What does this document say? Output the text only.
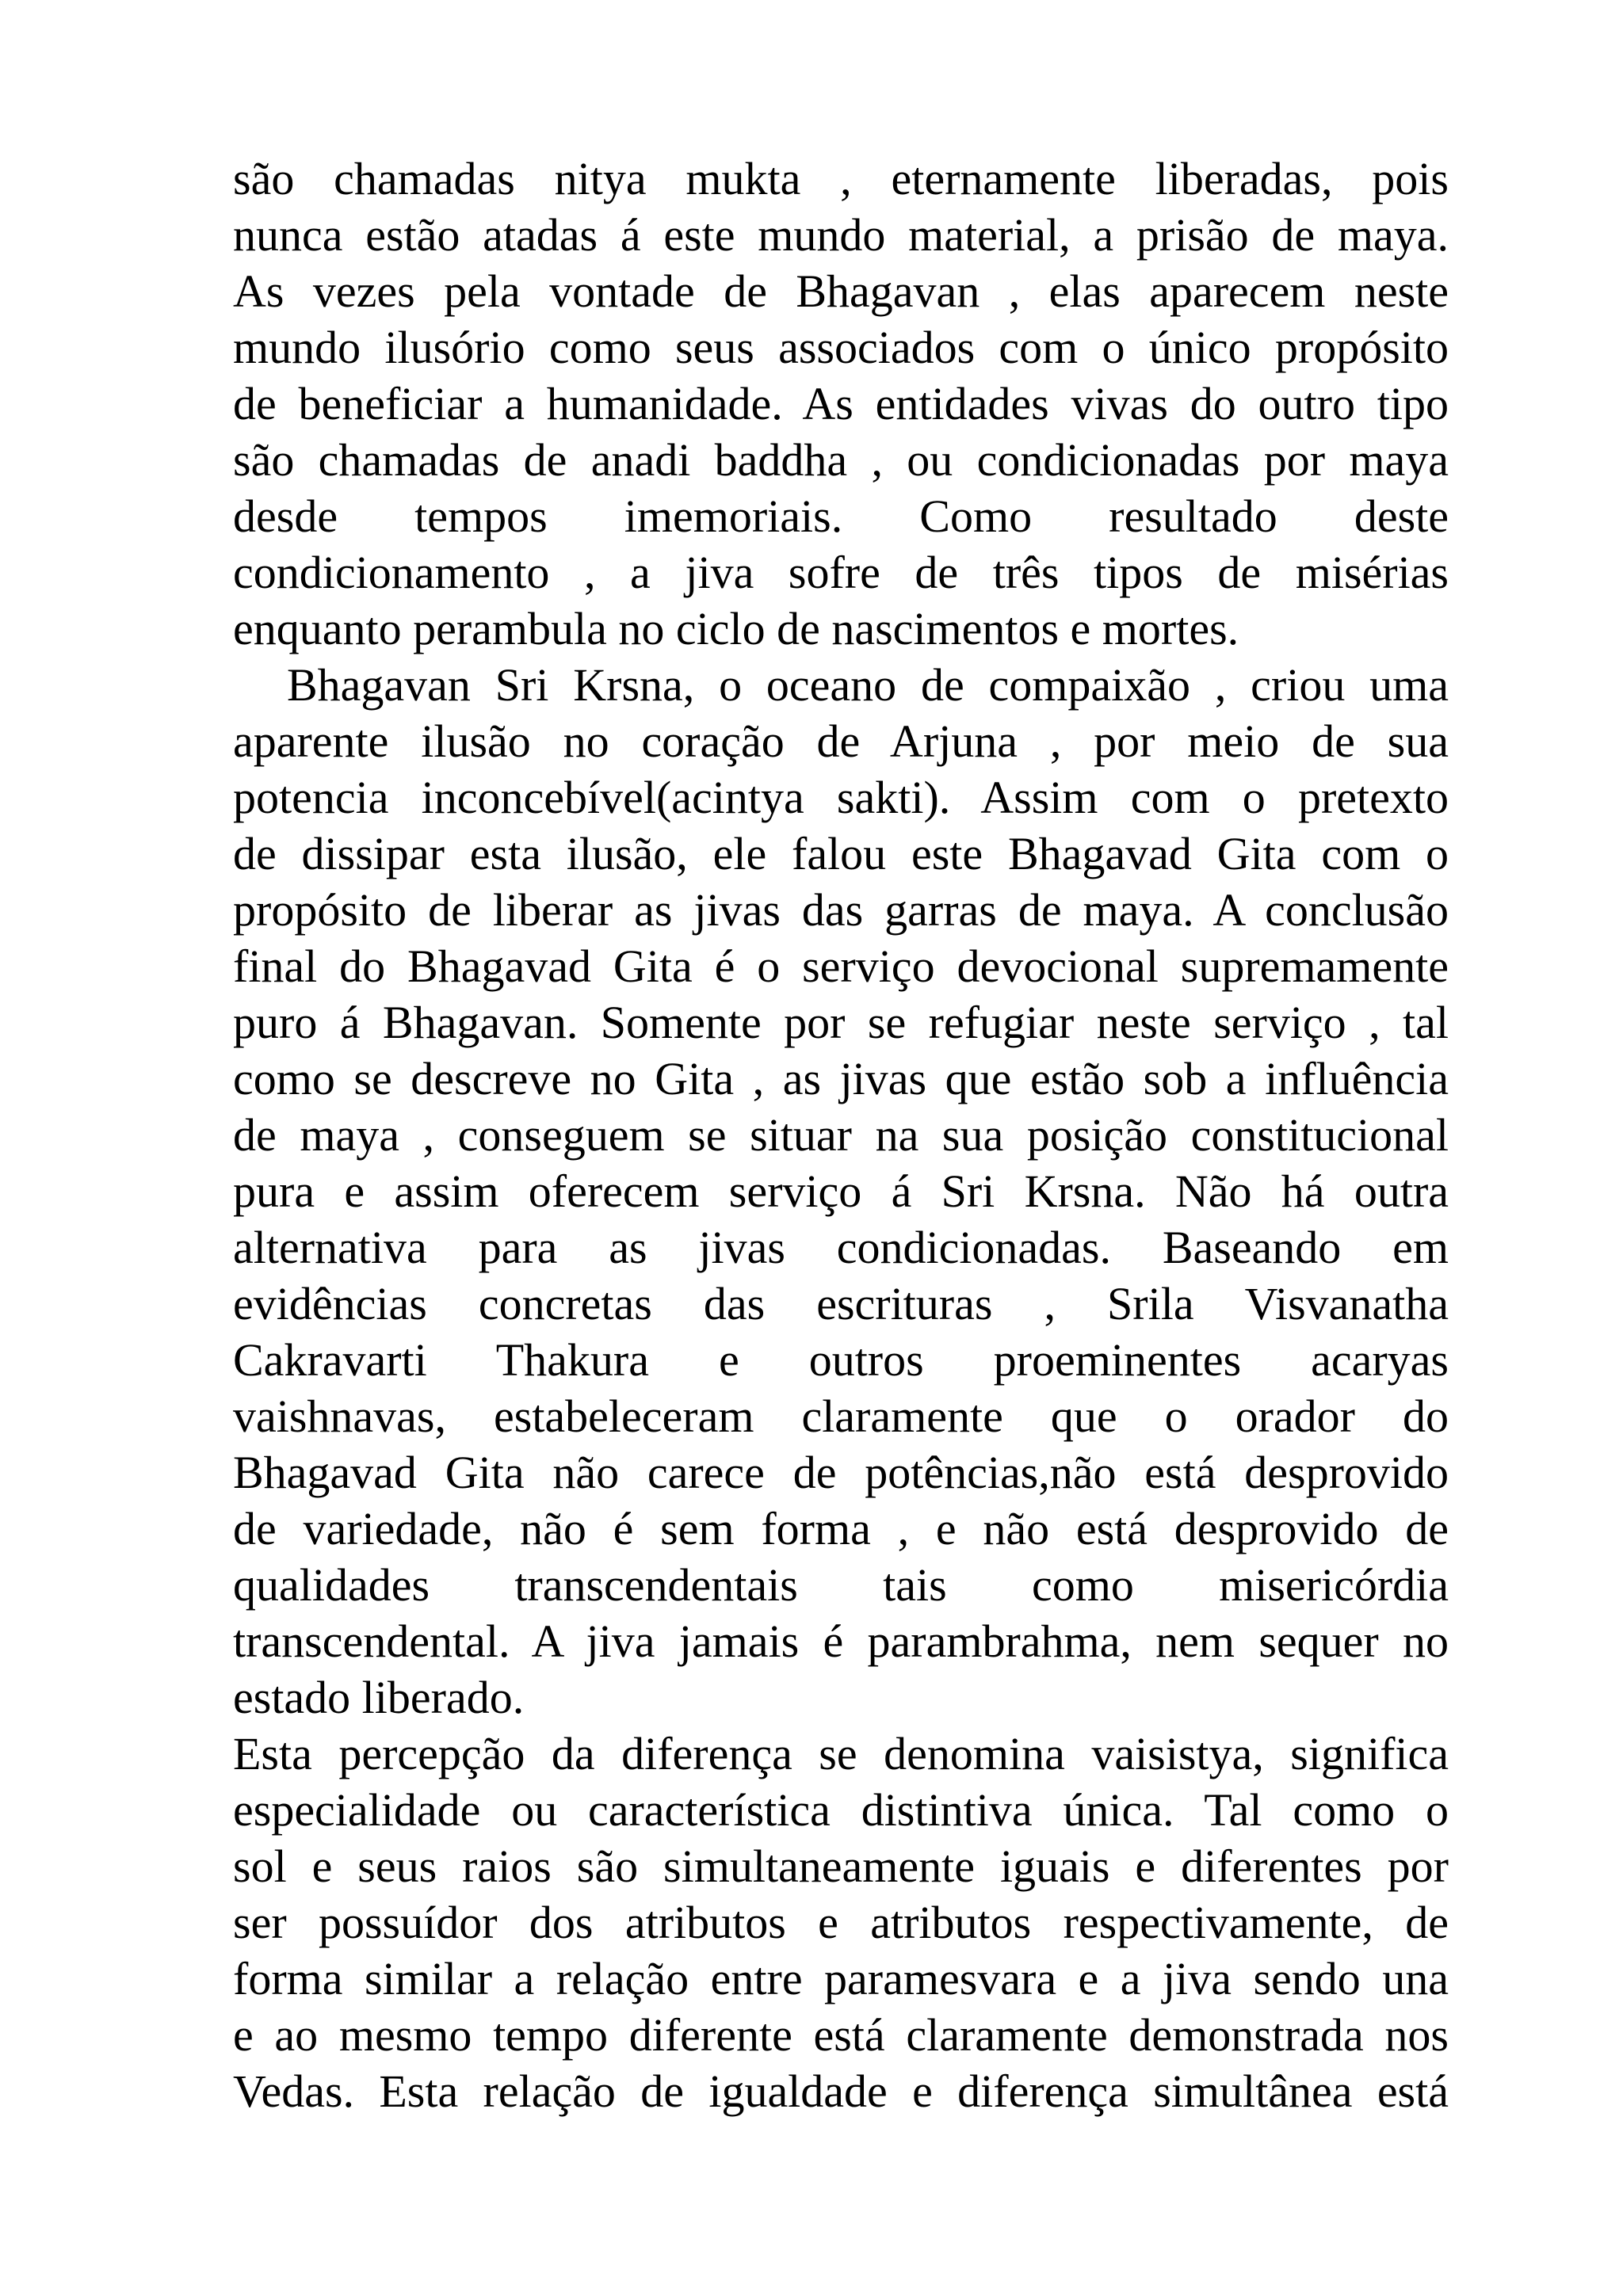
são chamadas nitya mukta , eternamente liberadas, pois
nunca estão atadas á este mundo material, a prisão de maya.
As vezes pela vontade de Bhagavan , elas aparecem neste
mundo ilusório como seus associados com o único propósito
de beneficiar a humanidade. As entidades vivas do outro tipo
são chamadas de anadi baddha , ou condicionadas por maya
desde tempos imemoriais. Como resultado deste
condicionamento , a jiva sofre de três tipos de misérias
enquanto perambula no ciclo de nascimentos e mortes.
Bhagavan Sri Krsna, o oceano de compaixão , criou uma
aparente ilusão no coração de Arjuna , por meio de sua
potencia inconcebível(acintya sakti). Assim com o pretexto
de dissipar esta ilusão, ele falou este Bhagavad Gita com o
propósito de liberar as jivas das garras de maya. A conclusão
final do Bhagavad Gita é o serviço devocional supremamente
puro á Bhagavan. Somente por se refugiar neste serviço , tal
como se descreve no Gita , as jivas que estão sob a influência
de maya , conseguem se situar na sua posição constitucional
pura e assim oferecem serviço á Sri Krsna. Não há outra
alternativa para as jivas condicionadas. Baseando em
evidências concretas das escrituras , Srila Visvanatha
Cakravarti Thakura e outros proeminentes acaryas
vaishnavas, estabeleceram claramente que o orador do
Bhagavad Gita não carece de potências,não está desprovido
de variedade, não é sem forma , e não está desprovido de
qualidades transcendentais tais como misericórdia
transcendental. A jiva jamais é parambrahma, nem sequer no
estado liberado.
Esta percepção da diferença se denomina vaisistya, significa
especialidade ou característica distintiva única. Tal como o
sol e seus raios são simultaneamente iguais e diferentes por
ser possuídor dos atributos e atributos respectivamente, de
forma similar a relação entre paramesvara e a jiva sendo una
e ao mesmo tempo diferente está claramente demonstrada nos
Vedas. Esta relação de igualdade e diferença simultânea está
